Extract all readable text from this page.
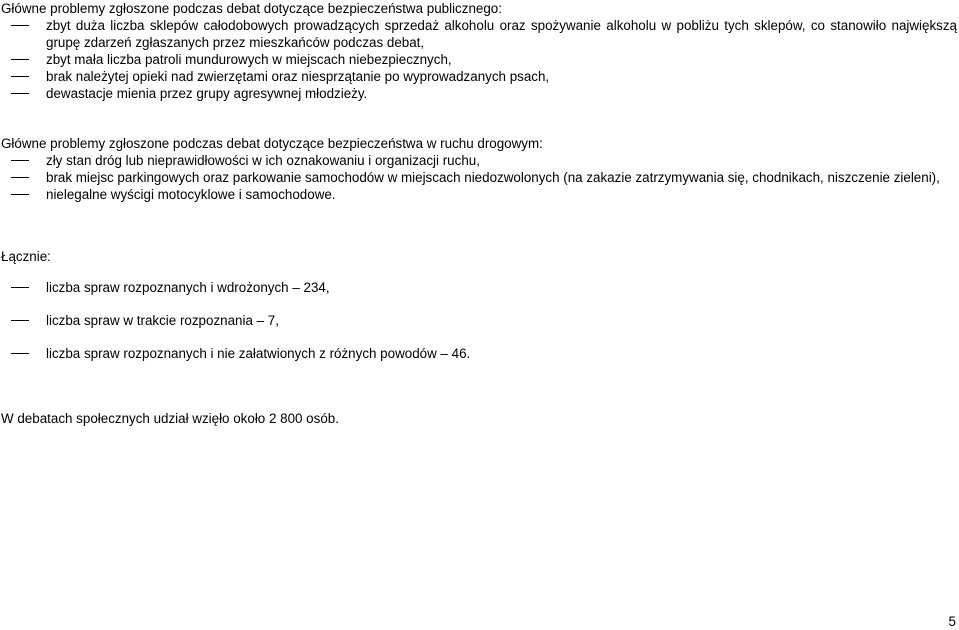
Główne problemy zgłoszone podczas debat dotyczące bezpieczeństwa publicznego:

zbyt duża liczba sklepów całodobowych prowadzących sprzedaż alkoholu oraz spożywanie alkoholu w pobliżu tych sklepów, co stanowiło największą grupę zdarzeń zgłaszanych przez mieszkańców podczas debat,
zbyt mała liczba patroli mundurowych w miejscach niebezpiecznych,
brak należytej opieki nad zwierzętami oraz niesprzątanie po wyprowadzanych psach,
dewastacje mienia przez grupy agresywnej młodzieży.

Główne problemy zgłoszone podczas debat dotyczące bezpieczeństwa w ruchu drogowym:

zły stan dróg lub nieprawidłowości w ich oznakowaniu i organizacji ruchu,
brak miejsc parkingowych oraz parkowanie samochodów w miejscach niedozwolonych (na zakazie zatrzymywania się, chodnikach, niszczenie zieleni),
nielegalne wyścigi motocyklowe i samochodowe.

Łącznie:

liczba spraw rozpoznanych i wdrożonych – 234,
liczba spraw w trakcie rozpoznania – 7,
liczba spraw rozpoznanych i nie załatwionych z różnych powodów – 46.

W debatach społecznych udział wzięło około 2 800 osób.

5
